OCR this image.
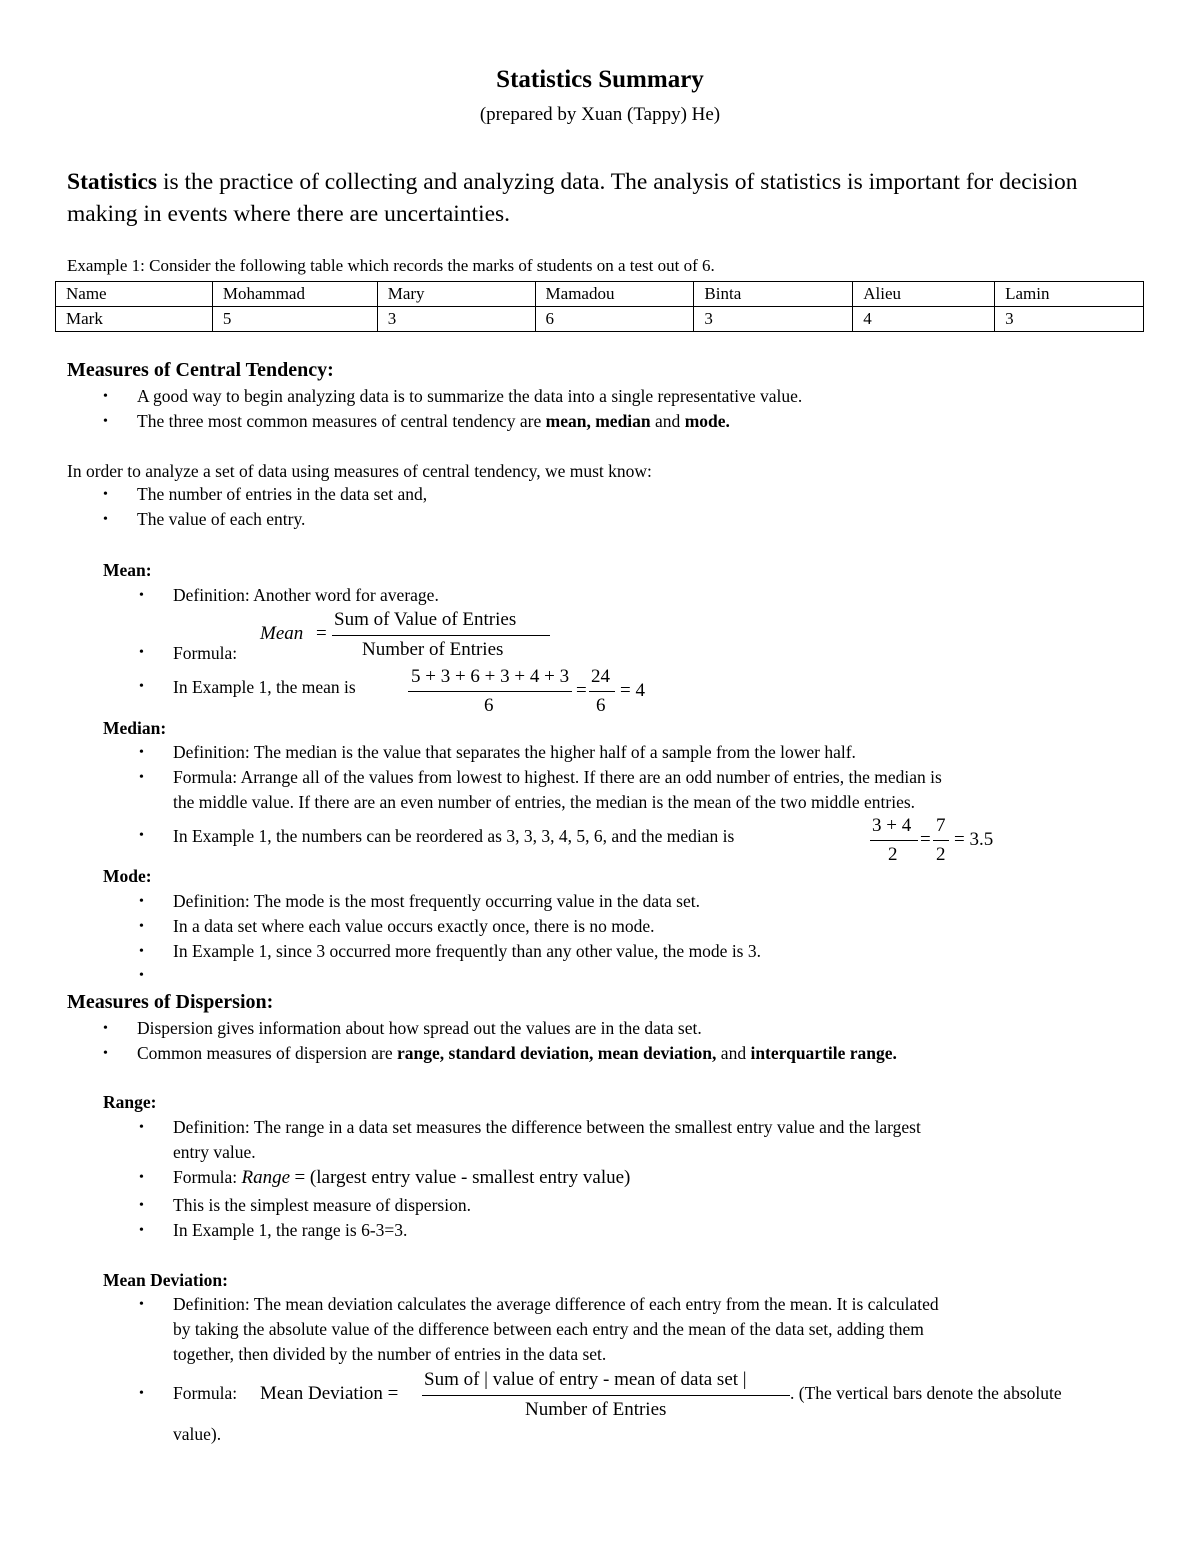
Statistics Summary
(prepared by Xuan (Tappy) He)
Statistics is the practice of collecting and analyzing data. The analysis of statistics is important for decision making in events where there are uncertainties.
Example 1: Consider the following table which records the marks of students on a test out of 6.
Name	Mohammad	Mary	Mamadou	Binta	Alieu	Lamin
Mark	5	3	6	3	4	3
Measures of Central Tendency:
• A good way to begin analyzing data is to summarize the data into a single representative value.
• The three most common measures of central tendency are mean, median and mode.
In order to analyze a set of data using measures of central tendency, we must know:
• The number of entries in the data set and,
• The value of each entry.
Mean:
• Definition: Another word for average.
Mean =
Sum of Value of Entries
Number of Entries
• Formula:
• In Example 1, the mean is	5 + 3 + 6 + 3 + 4 + 3
6
=
24
6
= 4
Median:
• Definition: The median is the value that separates the higher half of a sample from the lower half.
• Formula: Arrange all of the values from lowest to highest. If there are an odd number of entries, the median is
the middle value. If there are an even number of entries, the median is the mean of the two middle entries.
• In Example 1, the numbers can be reordered as 3, 3, 3, 4, 5, 6, and the median is	3 + 4
2
=
7
2
= 3.5
Mode:
• Definition: The mode is the most frequently occurring value in the data set.
• In a data set where each value occurs exactly once, there is no mode.
• In Example 1, since 3 occurred more frequently than any other value, the mode is 3.
•
Measures of Dispersion:
• Dispersion gives information about how spread out the values are in the data set.
• Common measures of dispersion are range, standard deviation, mean deviation, and interquartile range.
Range:
• Definition: The range in a data set measures the difference between the smallest entry value and the largest
entry value.
• Formula: Range = (largest entry value - smallest entry value)
• This is the simplest measure of dispersion.
• In Example 1, the range is 6-3=3.
Mean Deviation:
• Definition: The mean deviation calculates the average difference of each entry from the mean. It is calculated
by taking the absolute value of the difference between each entry and the mean of the data set, adding them
together, then divided by the number of entries in the data set.
• Formula: Mean Deviation =
Sum of | value of entry - mean of data set |
Number of Entries
. (The vertical bars denote the absolute
value).
